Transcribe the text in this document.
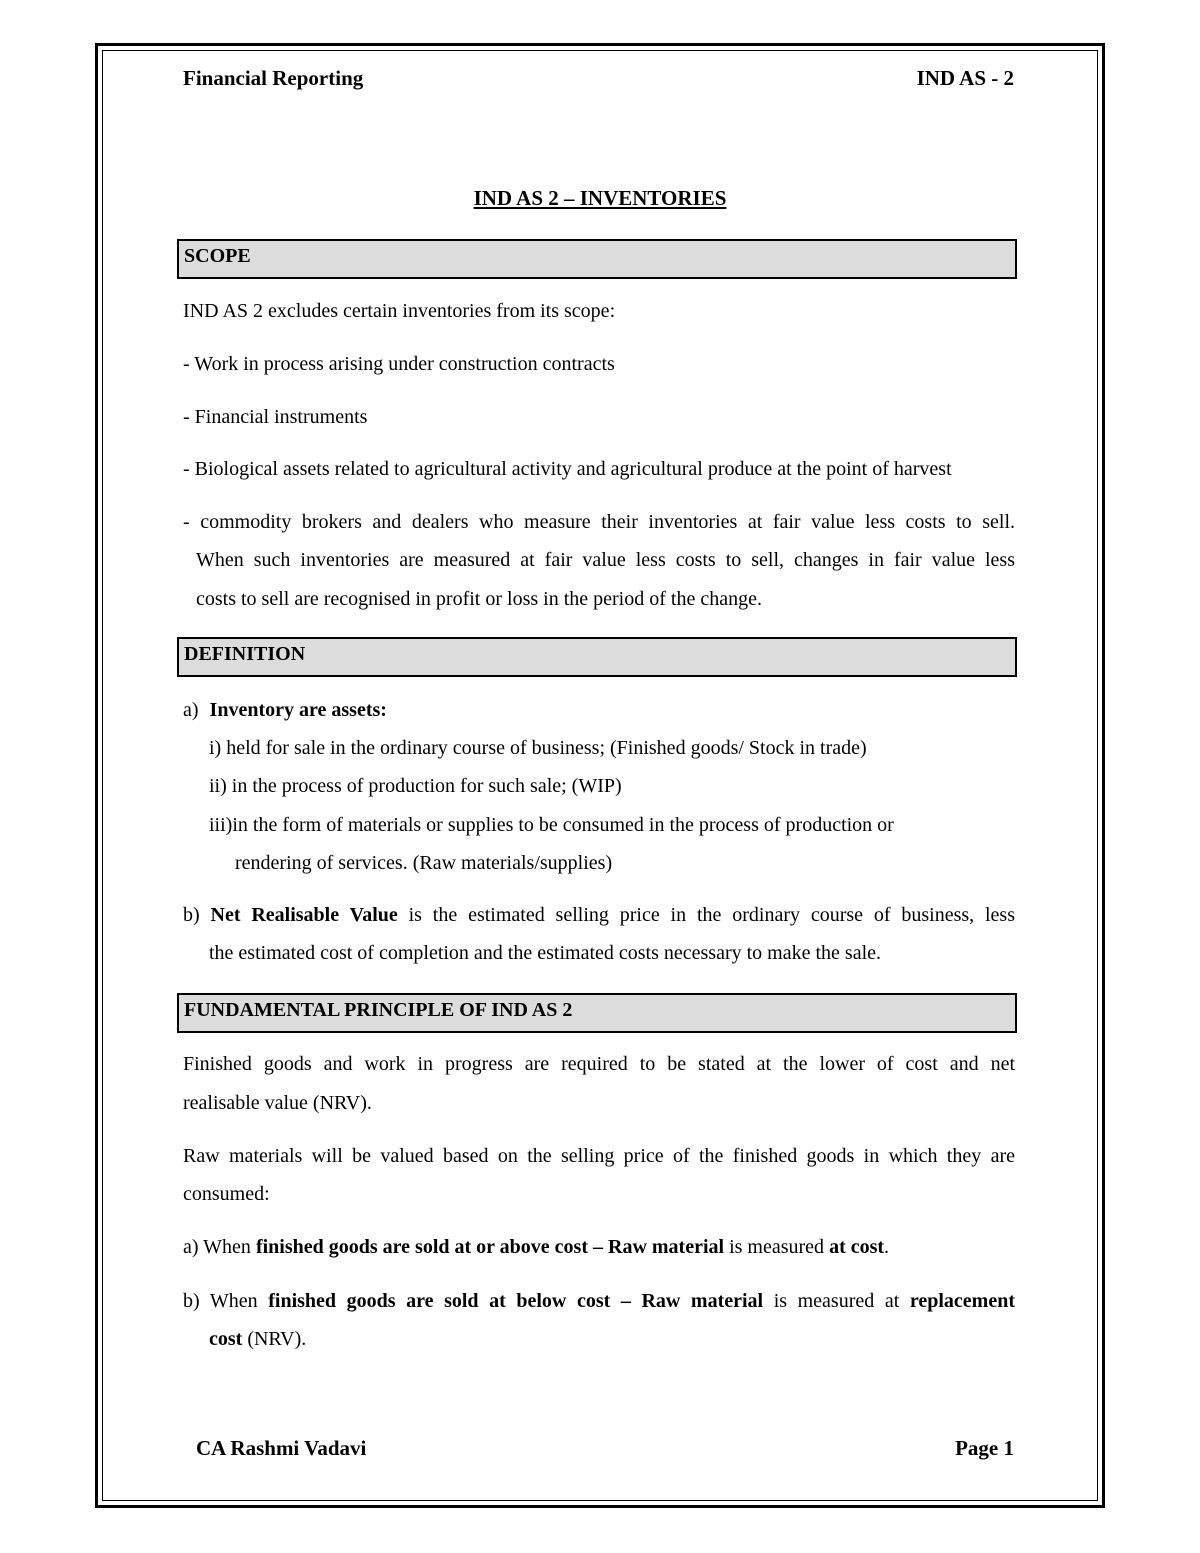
Financial Reporting	IND AS - 2
IND AS 2 – INVENTORIES
SCOPE
IND AS 2 excludes certain inventories from its scope:
- Work in process arising under construction contracts
- Financial instruments
- Biological assets related to agricultural activity and agricultural produce at the point of harvest
- commodity brokers and dealers who measure their inventories at fair value less costs to sell.
When such inventories are measured at fair value less costs to sell, changes in fair value less
costs to sell are recognised in profit or loss in the period of the change.
DEFINITION
a) Inventory are assets:
i) held for sale in the ordinary course of business; (Finished goods/ Stock in trade)
ii) in the process of production for such sale; (WIP)
iii)in the form of materials or supplies to be consumed in the process of production or
rendering of services. (Raw materials/supplies)
b) Net Realisable Value is the estimated selling price in the ordinary course of business, less
the estimated cost of completion and the estimated costs necessary to make the sale.
FUNDAMENTAL PRINCIPLE OF IND AS 2
Finished goods and work in progress are required to be stated at the lower of cost and net
realisable value (NRV).
Raw materials will be valued based on the selling price of the finished goods in which they are
consumed:
a) When finished goods are sold at or above cost – Raw material is measured at cost.
b) When finished goods are sold at below cost – Raw material is measured at replacement
cost (NRV).
CA Rashmi Vadavi	Page 1
